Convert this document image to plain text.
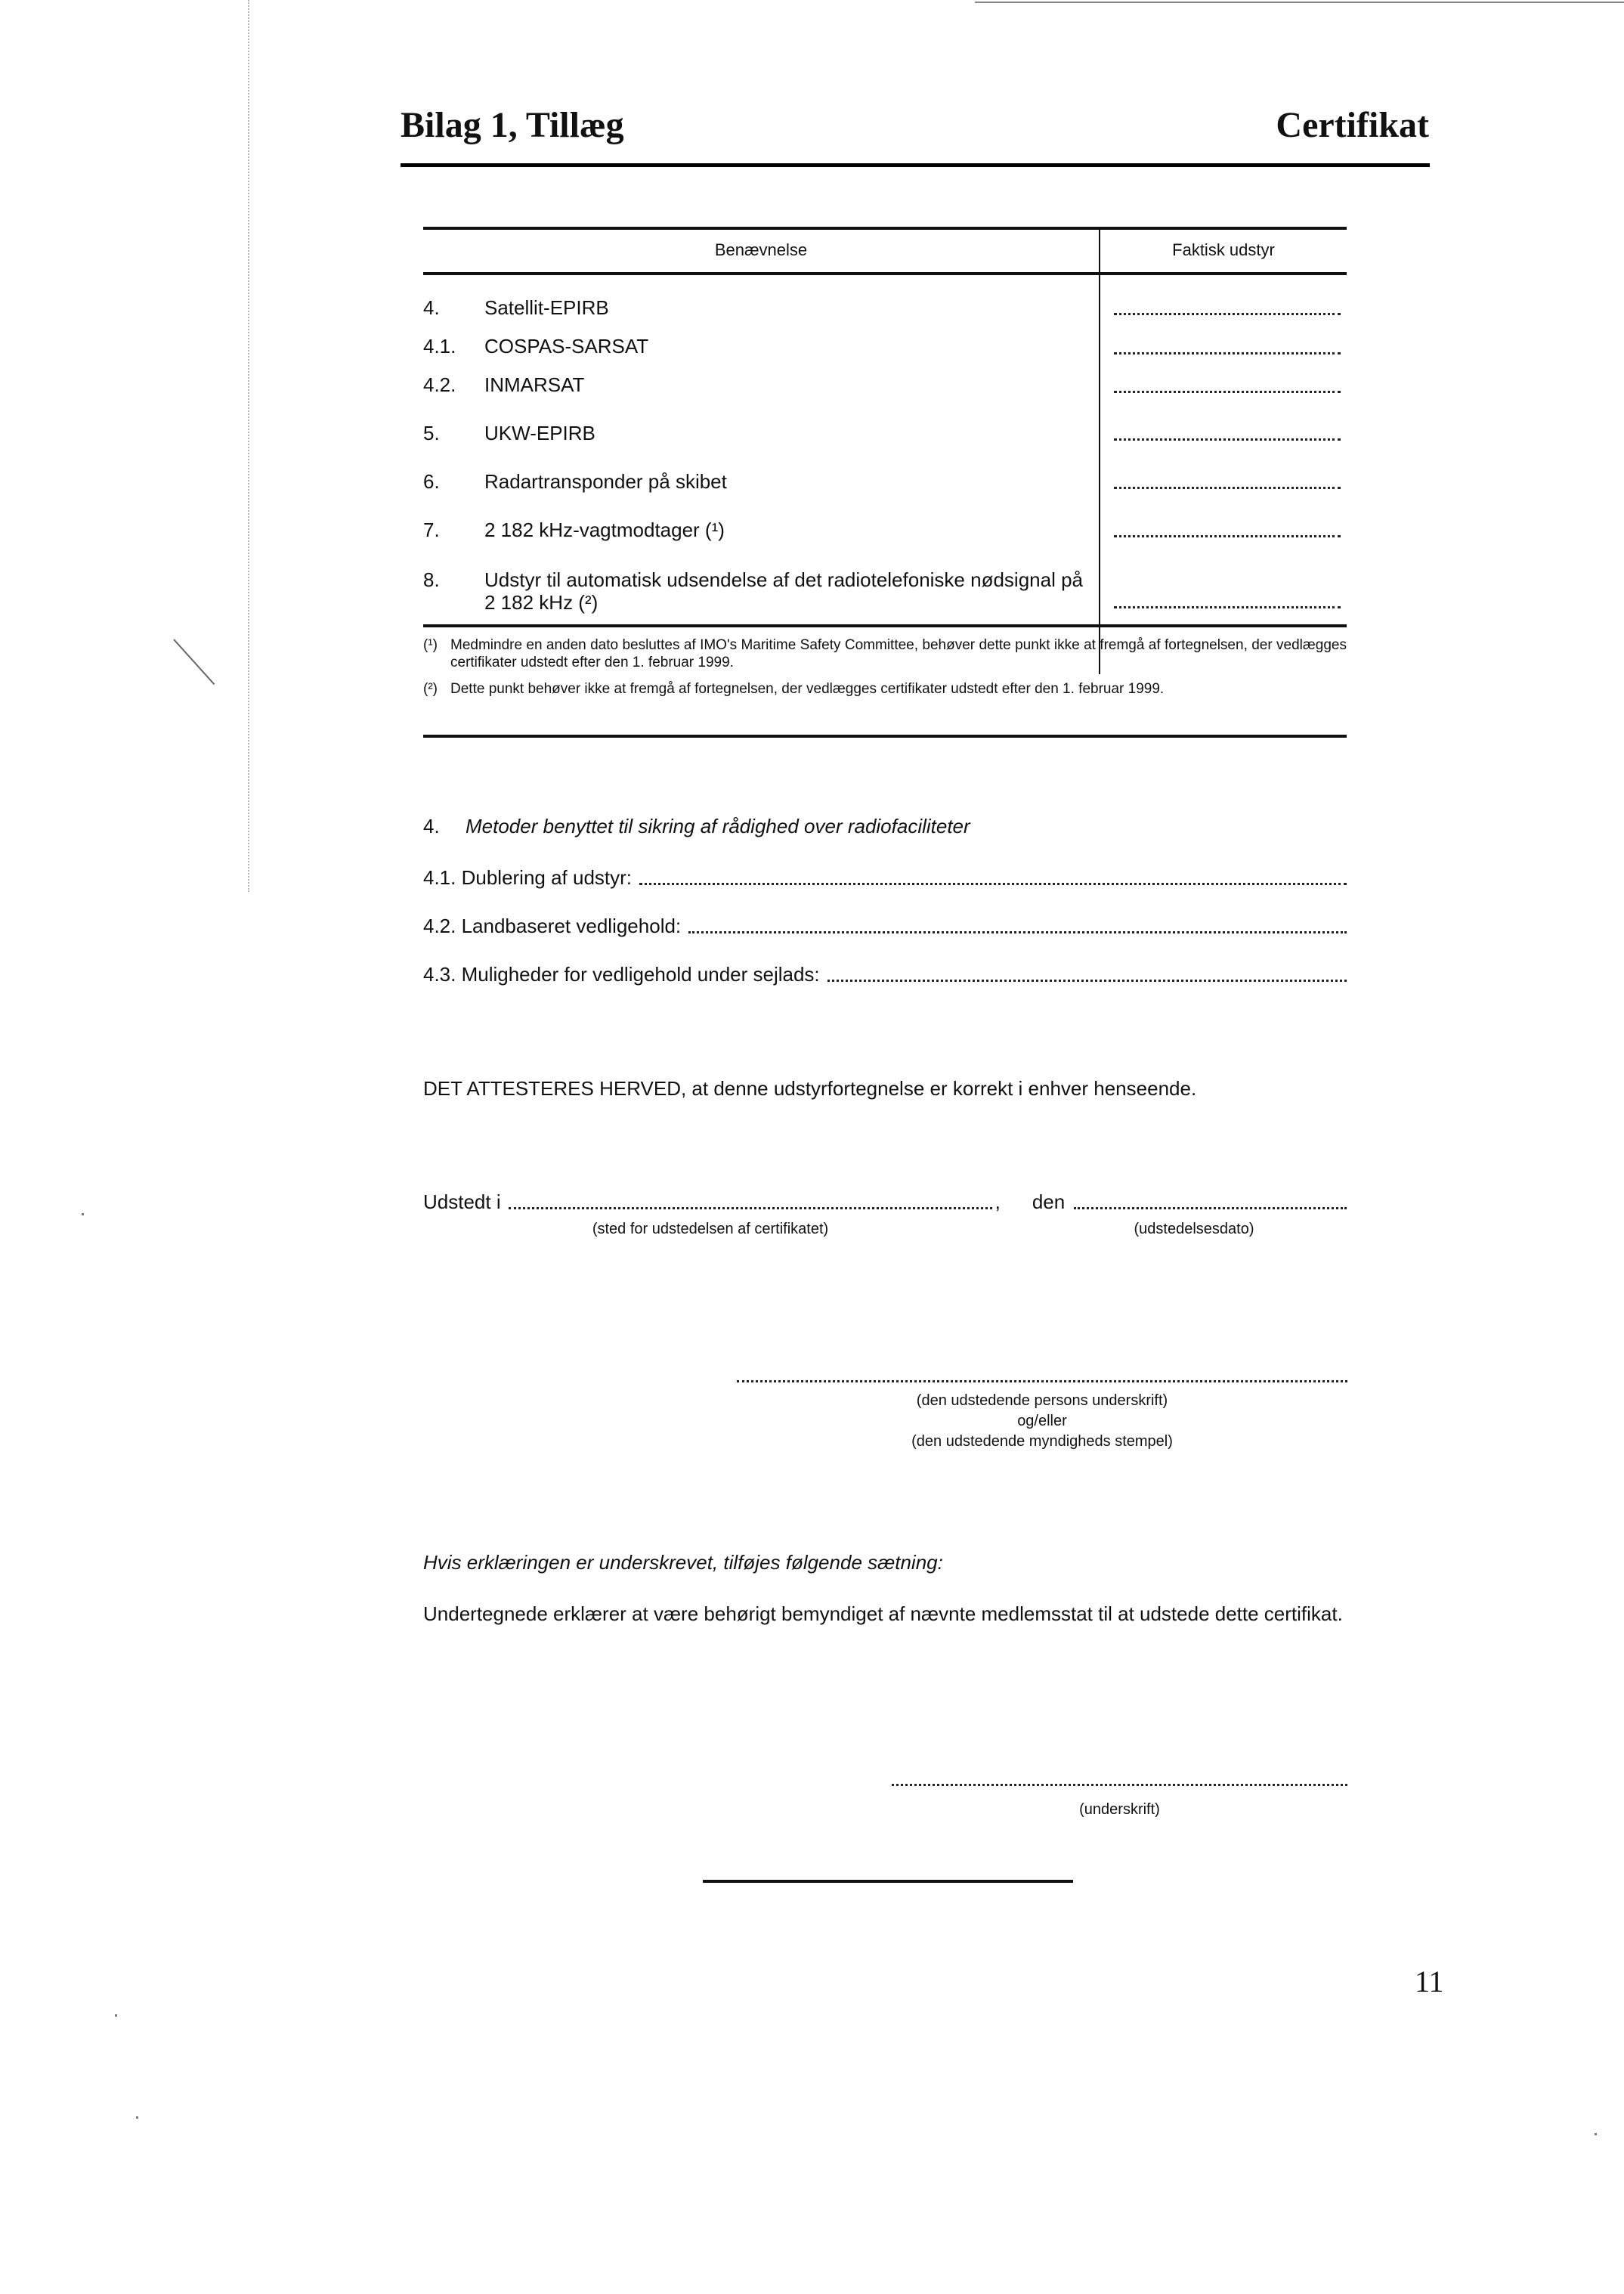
Bilag 1, Tillæg	Certifikat
Benævnelse	Faktisk udstyr
4. Satellit-EPIRB
4.1. COSPAS-SARSAT
4.2. INMARSAT
5. UKW-EPIRB
6. Radartransponder på skibet
7. 2 182 kHz-vagtmodtager (¹)
8. Udstyr til automatisk udsendelse af det radiotelefoniske nødsignal på 2 182 kHz (²)
(¹) Medmindre en anden dato besluttes af IMO's Maritime Safety Committee, behøver dette punkt ikke at fremgå af fortegnelsen, der vedlægges certifikater udstedt efter den 1. februar 1999.
(²) Dette punkt behøver ikke at fremgå af fortegnelsen, der vedlægges certifikater udstedt efter den 1. februar 1999.
4. Metoder benyttet til sikring af rådighed over radiofaciliteter
4.1. Dublering af udstyr:
4.2. Landbaseret vedligehold:
4.3. Muligheder for vedligehold under sejlads:
DET ATTESTERES HERVED, at denne udstyrfortegnelse er korrekt i enhver henseende.
Udstedt i	, den
(sted for udstedelsen af certifikatet)	(udstedelsesdato)
(den udstedende persons underskrift)
og/eller
(den udstedende myndigheds stempel)
Hvis erklæringen er underskrevet, tilføjes følgende sætning:
Undertegnede erklærer at være behørigt bemyndiget af nævnte medlemsstat til at udstede dette certifikat.
(underskrift)
11
